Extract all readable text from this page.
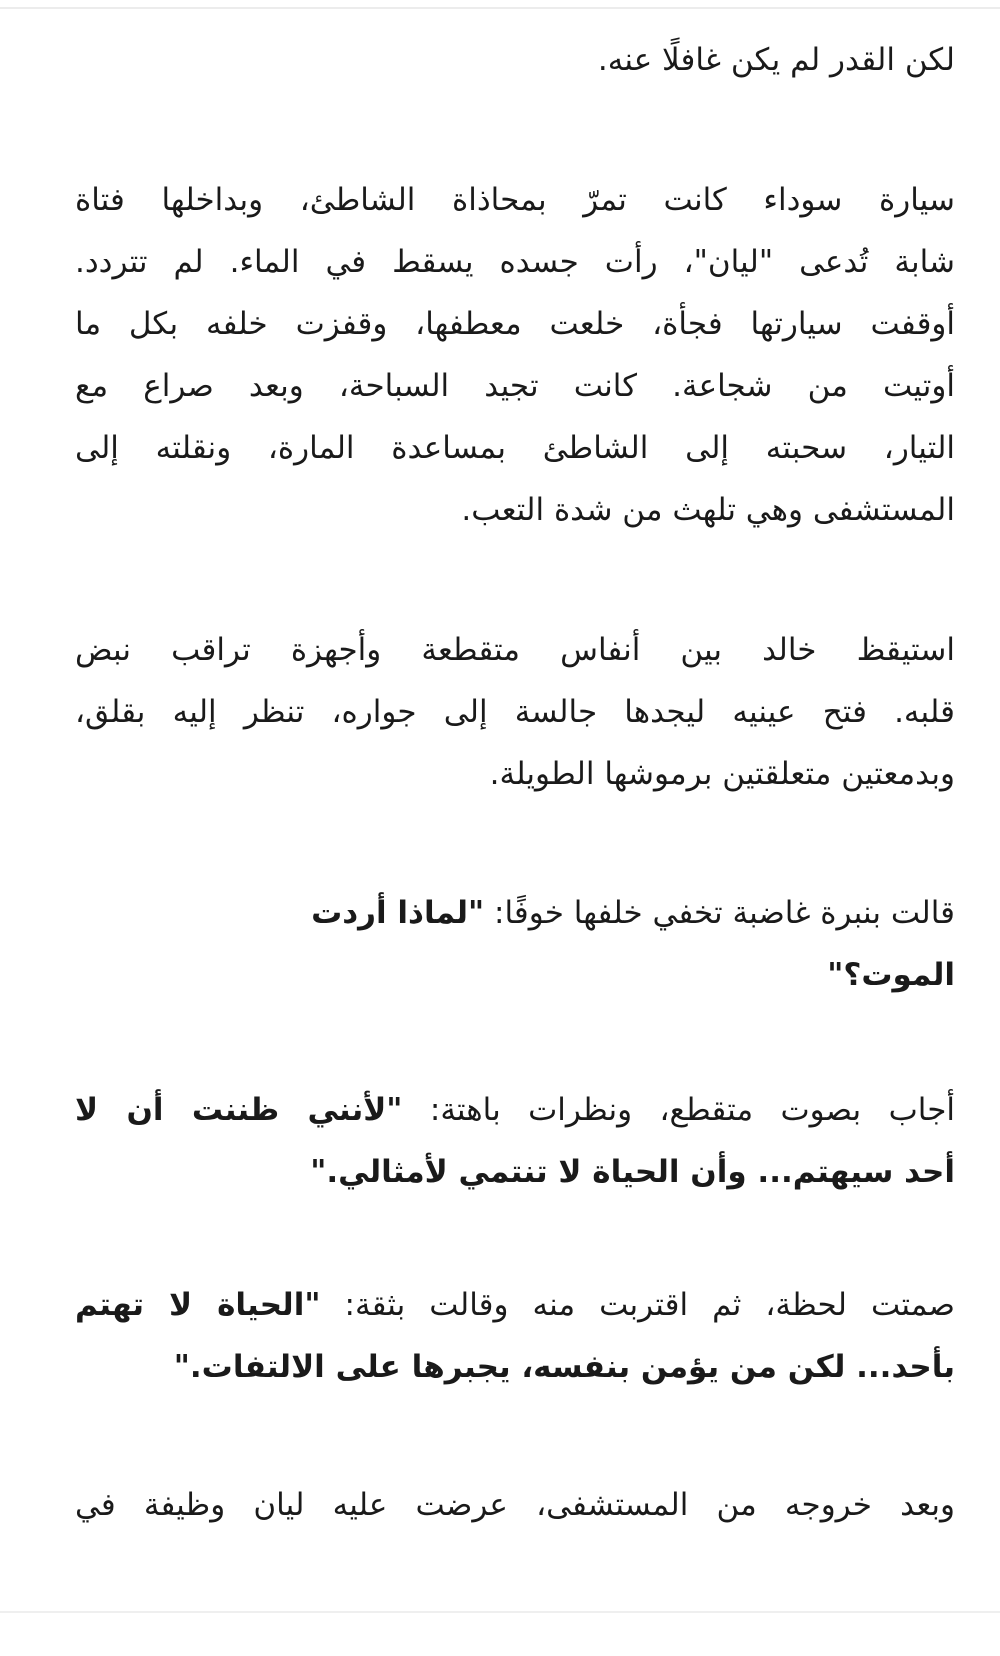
لكن القدر لم يكن غافلًا عنه.
سيارة سوداء كانت تمرّ بمحاذاة الشاطئ، وبداخلها فتاة
شابة تُدعى "ليان"، رأت جسده يسقط في الماء. لم تتردد.
أوقفت سيارتها فجأة، خلعت معطفها، وقفزت خلفه بكل ما
أوتيت من شجاعة. كانت تجيد السباحة، وبعد صراع مع
التيار، سحبته إلى الشاطئ بمساعدة المارة، ونقلته إلى
المستشفى وهي تلهث من شدة التعب.
استيقظ خالد بين أنفاس متقطعة وأجهزة تراقب نبض
قلبه. فتح عينيه ليجدها جالسة إلى جواره، تنظر إليه بقلق،
وبدمعتين متعلقتين برموشها الطويلة.
قالت بنبرة غاضبة تخفي خلفها خوفًا: "لماذا أردت
الموت؟"
أجاب بصوت متقطع، ونظرات باهتة: "لأنني ظننت أن لا
أحد سيهتم... وأن الحياة لا تنتمي لأمثالي."
صمتت لحظة، ثم اقتربت منه وقالت بثقة: "الحياة لا تهتم
بأحد... لكن من يؤمن بنفسه، يجبرها على الالتفات."
وبعد خروجه من المستشفى، عرضت عليه ليان وظيفة في
